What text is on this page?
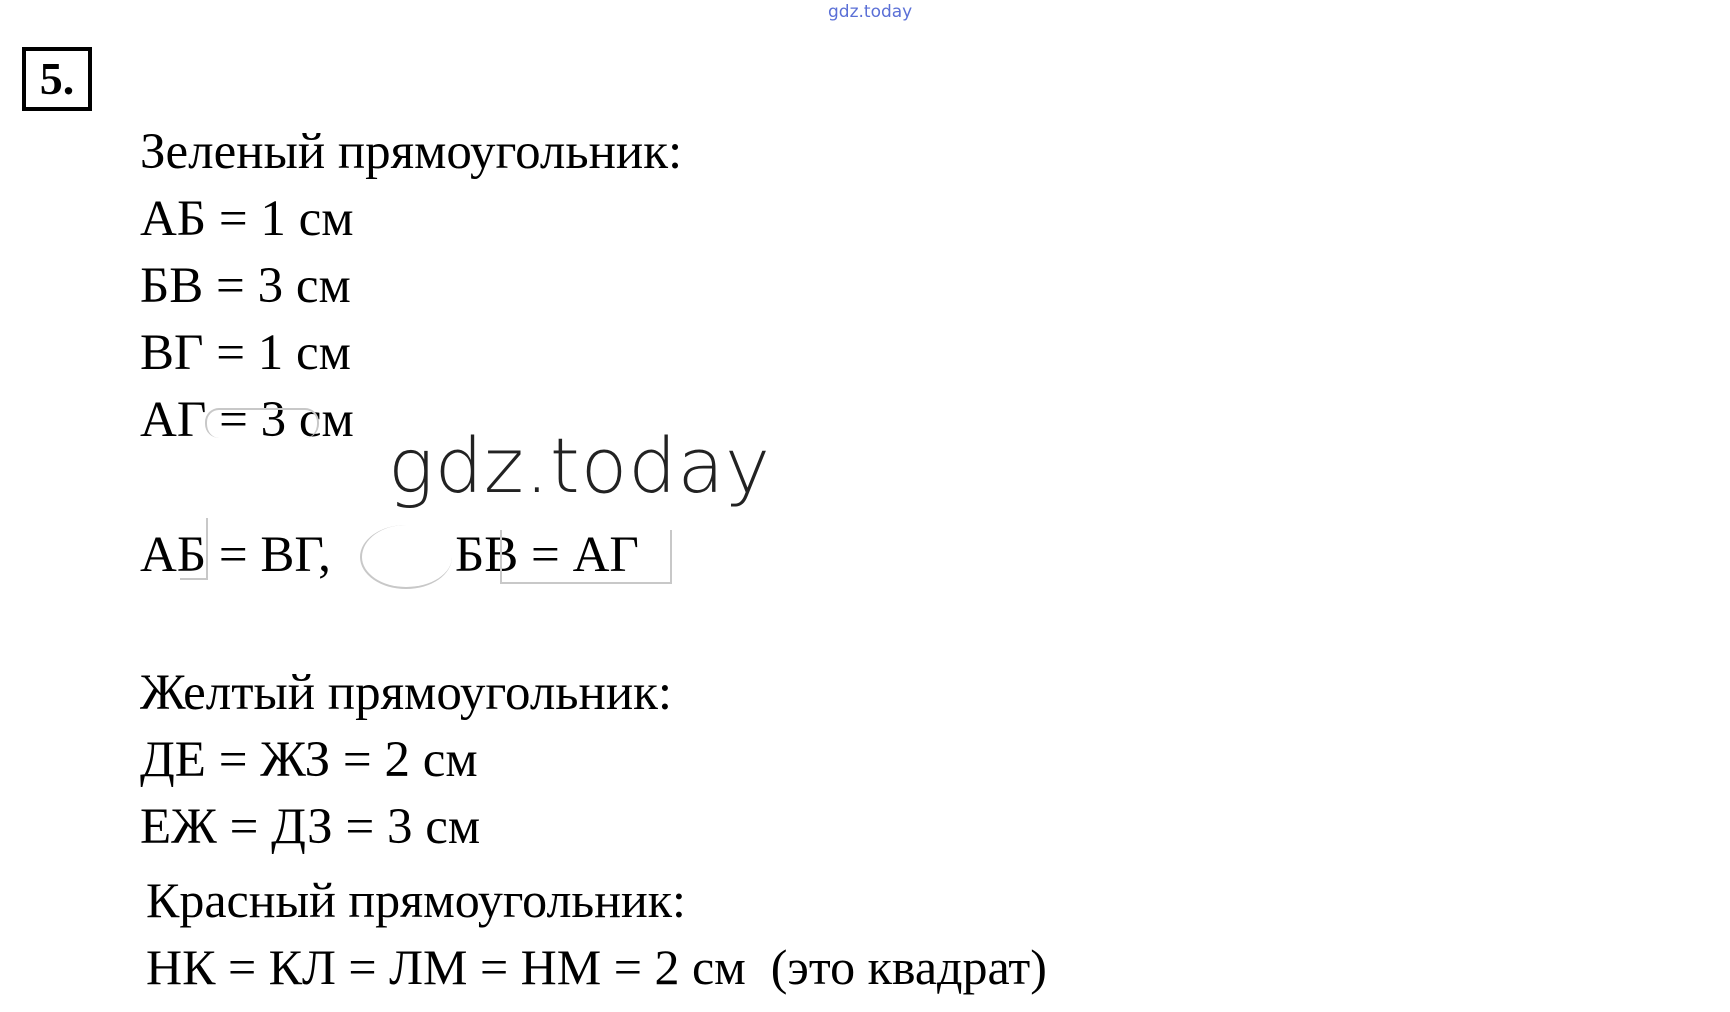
gdz.today
5.
Зеленый прямоугольник:
АБ = 1 см
БВ = 3 см
ВГ = 1 см
АГ = 3 см
АБ = ВГ, БВ = АГ
gdz.today
Желтый прямоугольник:
ДЕ = ЖЗ = 2 см
ЕЖ = ДЗ = 3 см
Красный прямоугольник:
НК = КЛ = ЛМ = НМ = 2 см  (это квадрат)
